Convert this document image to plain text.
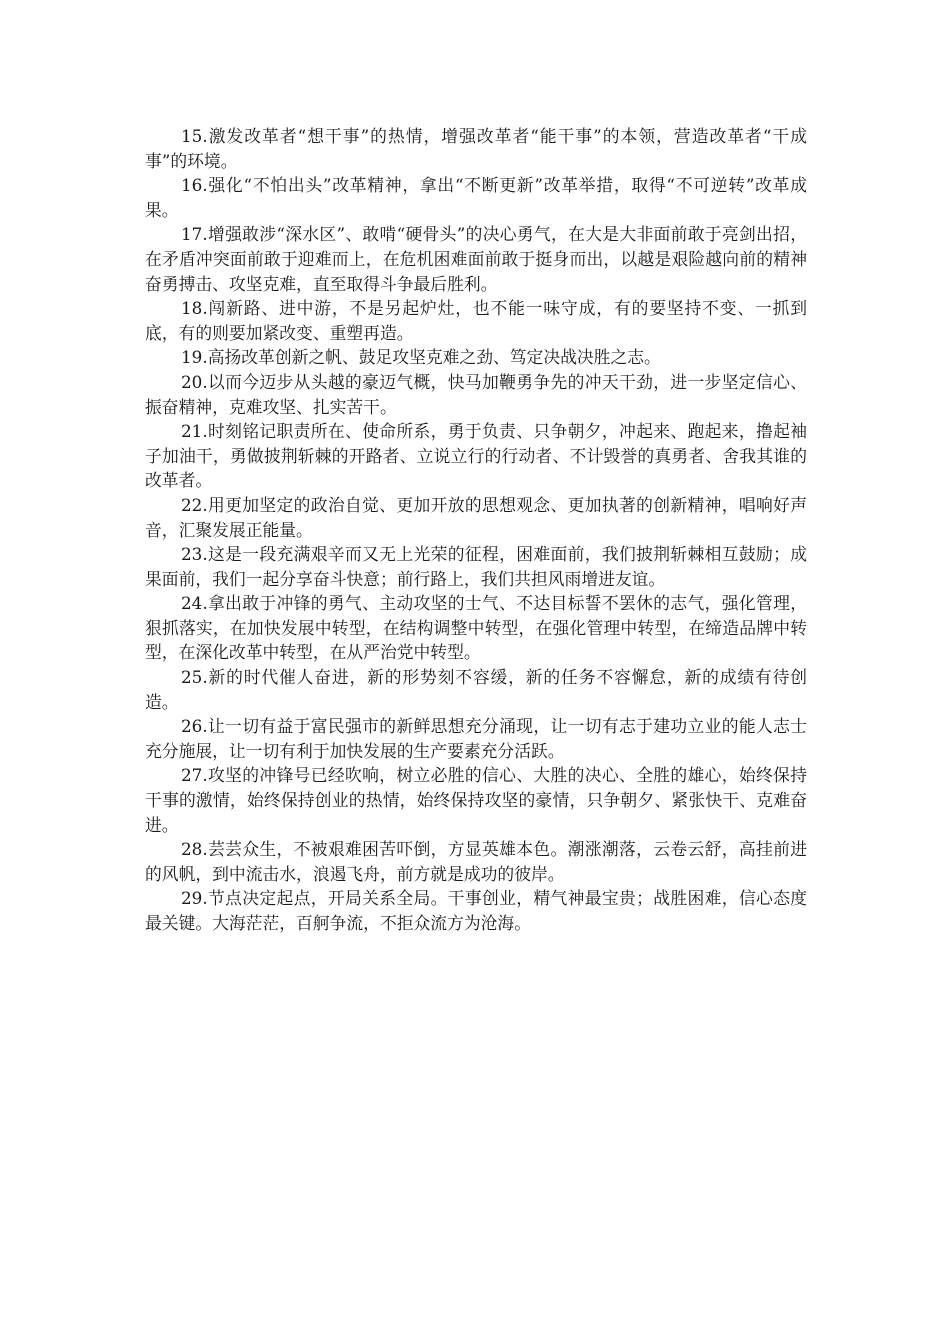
15.激发改革者“想干事”的热情，增强改革者“能干事”的本领，营造改革者“干成事”的环境。

16.强化“不怕出头”改革精神，拿出“不断更新”改革举措，取得“不可逆转”改革成果。

17.增强敢涉“深水区”、敢啃“硬骨头”的决心勇气，在大是大非面前敢于亮剑出招，在矛盾冲突面前敢于迎难而上，在危机困难面前敢于挺身而出，以越是艰险越向前的精神奋勇搏击、攻坚克难，直至取得斗争最后胜利。

18.闯新路、进中游，不是另起炉灶，也不能一味守成，有的要坚持不变、一抓到底，有的则要加紧改变、重塑再造。

19.高扬改革创新之帆、鼓足攻坚克难之劲、笃定决战决胜之志。

20.以而今迈步从头越的豪迈气概，快马加鞭勇争先的冲天干劲，进一步坚定信心、振奋精神，克难攻坚、扎实苦干。

21.时刻铭记职责所在、使命所系，勇于负责、只争朝夕，冲起来、跑起来，撸起袖子加油干，勇做披荆斩棘的开路者、立说立行的行动者、不计毁誉的真勇者、舍我其谁的改革者。

22.用更加坚定的政治自觉、更加开放的思想观念、更加执著的创新精神，唱响好声音，汇聚发展正能量。

23.这是一段充满艰辛而又无上光荣的征程，困难面前，我们披荆斩棘相互鼓励；成果面前，我们一起分享奋斗快意；前行路上，我们共担风雨增进友谊。

24.拿出敢于冲锋的勇气、主动攻坚的士气、不达目标誓不罢休的志气，强化管理，狠抓落实，在加快发展中转型，在结构调整中转型，在强化管理中转型，在缔造品牌中转型，在深化改革中转型，在从严治党中转型。

25.新的时代催人奋进，新的形势刻不容缓，新的任务不容懈怠，新的成绩有待创造。

26.让一切有益于富民强市的新鲜思想充分涌现，让一切有志于建功立业的能人志士充分施展，让一切有利于加快发展的生产要素充分活跃。

27.攻坚的冲锋号已经吹响，树立必胜的信心、大胜的决心、全胜的雄心，始终保持干事的激情，始终保持创业的热情，始终保持攻坚的豪情，只争朝夕、紧张快干、克难奋进。

28.芸芸众生，不被艰难困苦吓倒，方显英雄本色。潮涨潮落，云卷云舒，高挂前进的风帆，到中流击水，浪遏飞舟，前方就是成功的彼岸。

29.节点决定起点，开局关系全局。干事创业，精气神最宝贵；战胜困难，信心态度最关键。大海茫茫，百舸争流，不拒众流方为沧海。
